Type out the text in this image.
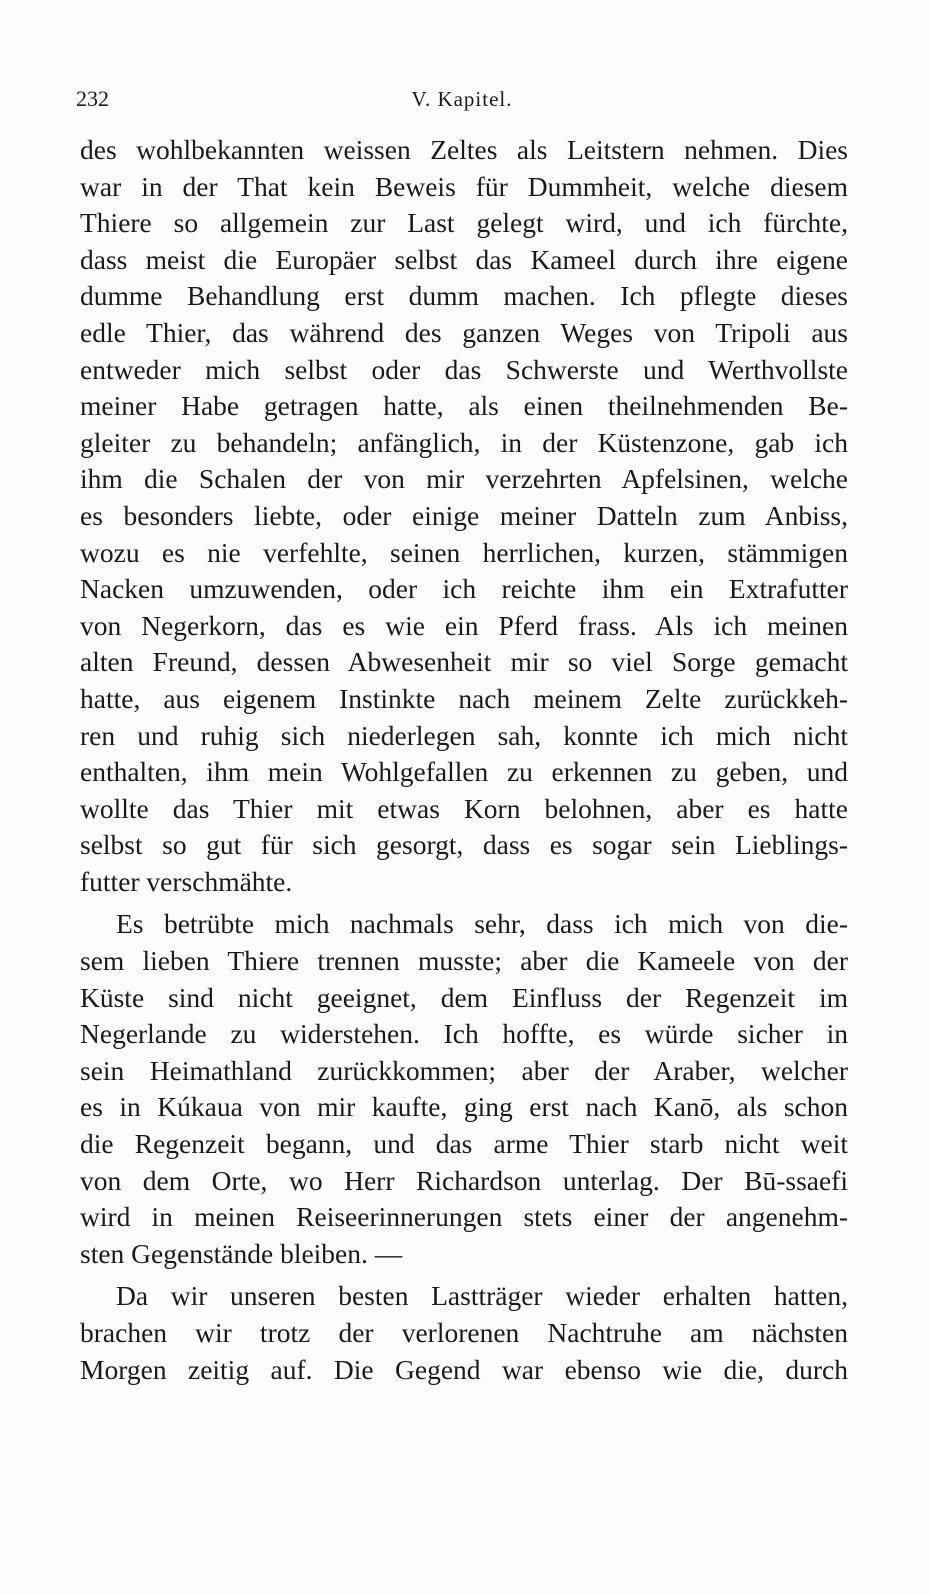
232	V. Kapitel.
des wohlbekannten weissen Zeltes als Leitstern nehmen. Dies
war in der That kein Beweis für Dummheit, welche diesem
Thiere so allgemein zur Last gelegt wird, und ich fürchte,
dass meist die Europäer selbst das Kameel durch ihre eigene
dumme Behandlung erst dumm machen. Ich pflegte dieses
edle Thier, das während des ganzen Weges von Tripoli aus
entweder mich selbst oder das Schwerste und Werthvollste
meiner Habe getragen hatte, als einen theilnehmenden Be-
gleiter zu behandeln; anfänglich, in der Küstenzone, gab ich
ihm die Schalen der von mir verzehrten Apfelsinen, welche
es besonders liebte, oder einige meiner Datteln zum Anbiss,
wozu es nie verfehlte, seinen herrlichen, kurzen, stämmigen
Nacken umzuwenden, oder ich reichte ihm ein Extrafutter
von Negerkorn, das es wie ein Pferd frass. Als ich meinen
alten Freund, dessen Abwesenheit mir so viel Sorge gemacht
hatte, aus eigenem Instinkte nach meinem Zelte zurückkeh-
ren und ruhig sich niederlegen sah, konnte ich mich nicht
enthalten, ihm mein Wohlgefallen zu erkennen zu geben, und
wollte das Thier mit etwas Korn belohnen, aber es hatte
selbst so gut für sich gesorgt, dass es sogar sein Lieblings-
futter verschmähte.
Es betrübte mich nachmals sehr, dass ich mich von die-
sem lieben Thiere trennen musste; aber die Kameele von der
Küste sind nicht geeignet, dem Einfluss der Regenzeit im
Negerlande zu widerstehen. Ich hoffte, es würde sicher in
sein Heimathland zurückkommen; aber der Araber, welcher
es in Kúkaua von mir kaufte, ging erst nach Kanō, als schon
die Regenzeit begann, und das arme Thier starb nicht weit
von dem Orte, wo Herr Richardson unterlag. Der Bū-ssaefi
wird in meinen Reiseerinnerungen stets einer der angenehm-
sten Gegenstände bleiben. —
Da wir unseren besten Lastträger wieder erhalten hatten,
brachen wir trotz der verlorenen Nachtruhe am nächsten
Morgen zeitig auf. Die Gegend war ebenso wie die, durch
